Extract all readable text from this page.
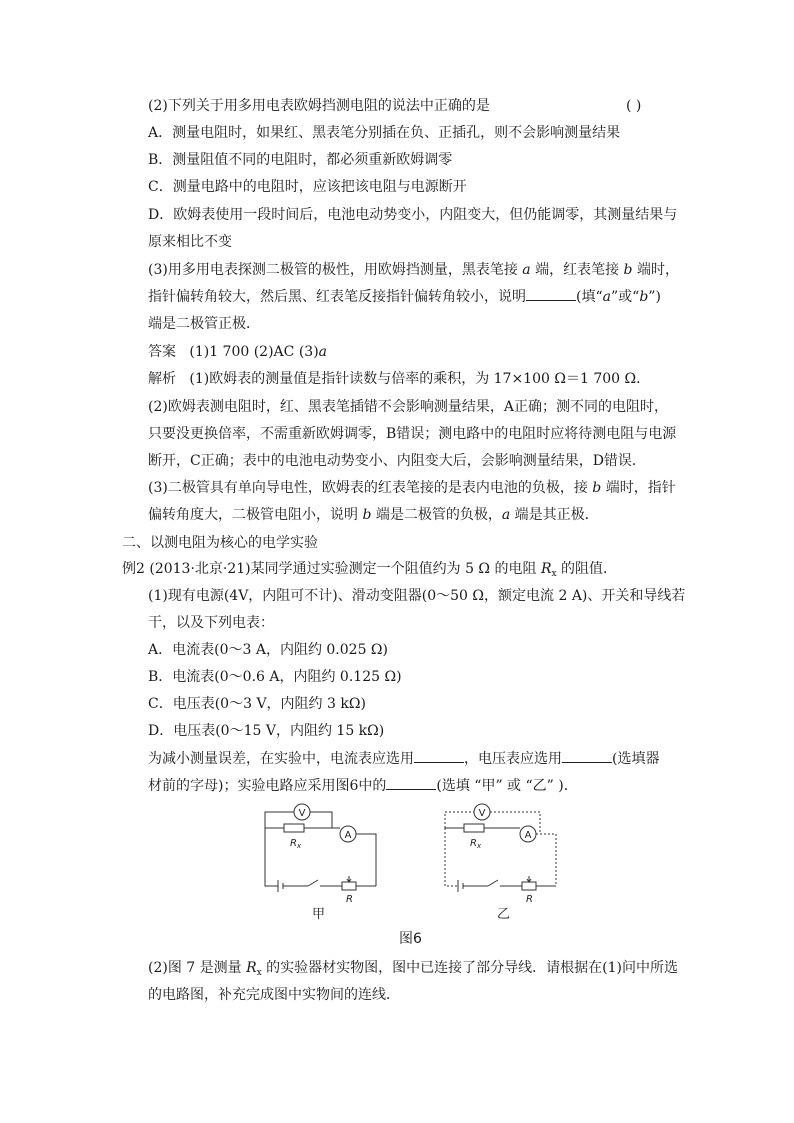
(2)下列关于用多用电表欧姆挡测电阻的说法中正确的是	( )
A．测量电阻时，如果红、黑表笔分别插在负、正插孔，则不会影响测量结果
B．测量阻值不同的电阻时，都必须重新欧姆调零
C．测量电路中的电阻时，应该把该电阻与电源断开
D．欧姆表使用一段时间后，电池电动势变小，内阻变大，但仍能调零，其测量结果与
原来相比不变
(3)用多用电表探测二极管的极性，用欧姆挡测量，黑表笔接 a 端，红表笔接 b 端时，
指针偏转角较大，然后黑、红表笔反接指针偏转角较小，说明	(填“a”或“b”)
端是二极管正极．
答案 (1)1 700 (2)AC (3)a
解析 (1)欧姆表的测量值是指针读数与倍率的乘积，为 17×100 Ω＝1 700 Ω．
(2)欧姆表测电阻时，红、黑表笔插错不会影响测量结果，A正确；测不同的电阻时，
只要没更换倍率，不需重新欧姆调零，B错误；测电路中的电阻时应将待测电阻与电源
断开，C正确；表中的电池电动势变小、内阻变大后，会影响测量结果，D错误．
(3)二极管具有单向导电性，欧姆表的红表笔接的是表内电池的负极，接 b 端时，指针
偏转角度大，二极管电阻小，说明 b 端是二极管的负极，a 端是其正极．
二、以测电阻为核心的电学实验
例2 (2013·北京·21)某同学通过实验测定一个阻值约为 5 Ω 的电阻 $R_x$ 的阻值．
(1)现有电源(4V，内阻可不计)、滑动变阻器(0～50 Ω，额定电流 2 A)、开关和导线若
干，以及下列电表：
A．电流表(0～3 A，内阻约 0.025 Ω)
B．电流表(0～0.6 A，内阻约 0.125 Ω)
C．电压表(0～3 V，内阻约 3 kΩ)
D．电压表(0～15 V，内阻约 15 kΩ)
为减小测量误差，在实验中，电流表应选用	，电压表应选用	(选填器
材前的字母)；实验电路应采用图6中的	(选填 “甲” 或 “乙” )．
V
A
$R_x$
R
V
A
$R_x$
R
甲	乙
图6
(2)图 7 是测量 $R_x$ 的实验器材实物图，图中已连接了部分导线．请根据在(1)问中所选
的电路图，补充完成图中实物间的连线．
